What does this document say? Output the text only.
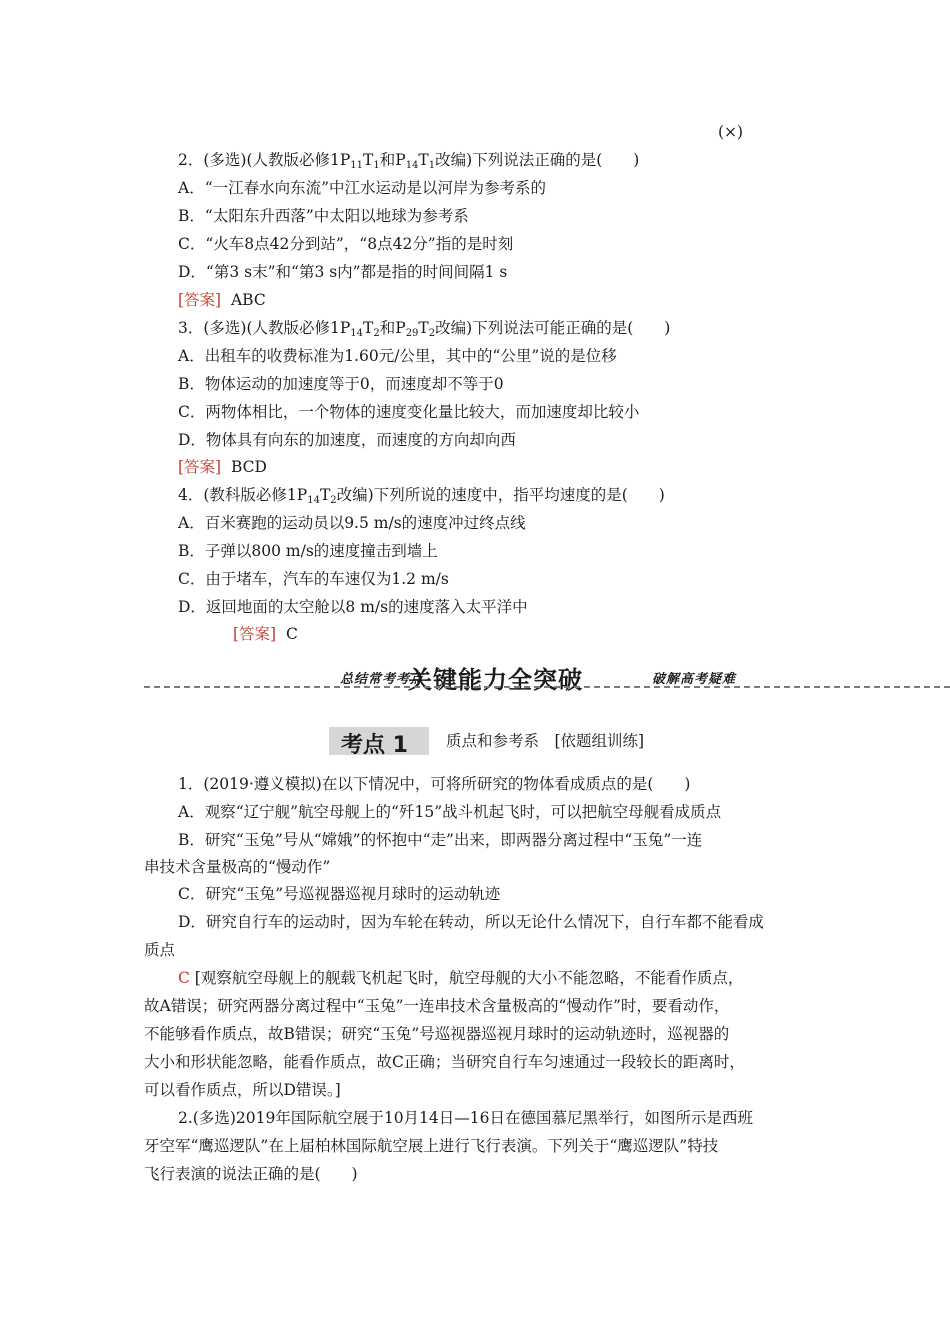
(×)
2．(多选)(人教版必修$1P_{11}T_1$和$P_{14}T_1$改编)下列说法正确的是(　　)
A．“一江春水向东流”中江水运动是以河岸为参考系的
B．“太阳东升西落”中太阳以地球为参考系
C．“火车8点42分到站”，“8点42分”指的是时刻
D．“第3 s末”和“第3 s内”都是指的时间间隔1 s
[答案] ABC
3．(多选)(人教版必修$1P_{14}T_2$和$P_{29}T_2$改编)下列说法可能正确的是(　　)
A．出租车的收费标准为1.60元/公里，其中的“公里”说的是位移
B．物体运动的加速度等于0，而速度却不等于0
C．两物体相比，一个物体的速度变化量比较大，而加速度却比较小
D．物体具有向东的加速度，而速度的方向却向西
[答案] BCD
4．(教科版必修$1P_{14}T_2$改编)下列所说的速度中，指平均速度的是(　　)
A．百米赛跑的运动员以9.5 m/s的速度冲过终点线
B．子弹以800 m/s的速度撞击到墙上
C．由于堵车，汽车的车速仅为1.2 m/s
D．返回地面的太空舱以8 m/s的速度落入太平洋中
[答案] C
总结常考考点
关键能力全突破	破解高考疑难
考点 1 质点和参考系　[依题组训练]
1．(2019·遵义模拟)在以下情况中，可将所研究的物体看成质点的是(　　)
A．观察“辽宁舰”航空母舰上的“歼15”战斗机起飞时，可以把航空母舰看成质点
B．研究“玉兔”号从“嫦娥”的怀抱中“走”出来，即两器分离过程中“玉兔”一连
串技术含量极高的“慢动作”
C．研究“玉兔”号巡视器巡视月球时的运动轨迹
D．研究自行车的运动时，因为车轮在转动，所以无论什么情况下，自行车都不能看成
质点
C [观察航空母舰上的舰载飞机起飞时，航空母舰的大小不能忽略，不能看作质点，
故A错误；研究两器分离过程中“玉兔”一连串技术含量极高的“慢动作”时，要看动作，
不能够看作质点，故B错误；研究“玉兔”号巡视器巡视月球时的运动轨迹时，巡视器的
大小和形状能忽略，能看作质点，故C正确；当研究自行车匀速通过一段较长的距离时，
可以看作质点，所以D错误。]
2.(多选)2019年国际航空展于10月14日—16日在德国慕尼黑举行，如图所示是西班
牙空军“鹰巡逻队”在上届柏林国际航空展上进行飞行表演。下列关于“鹰巡逻队”特技
飞行表演的说法正确的是(　　)
